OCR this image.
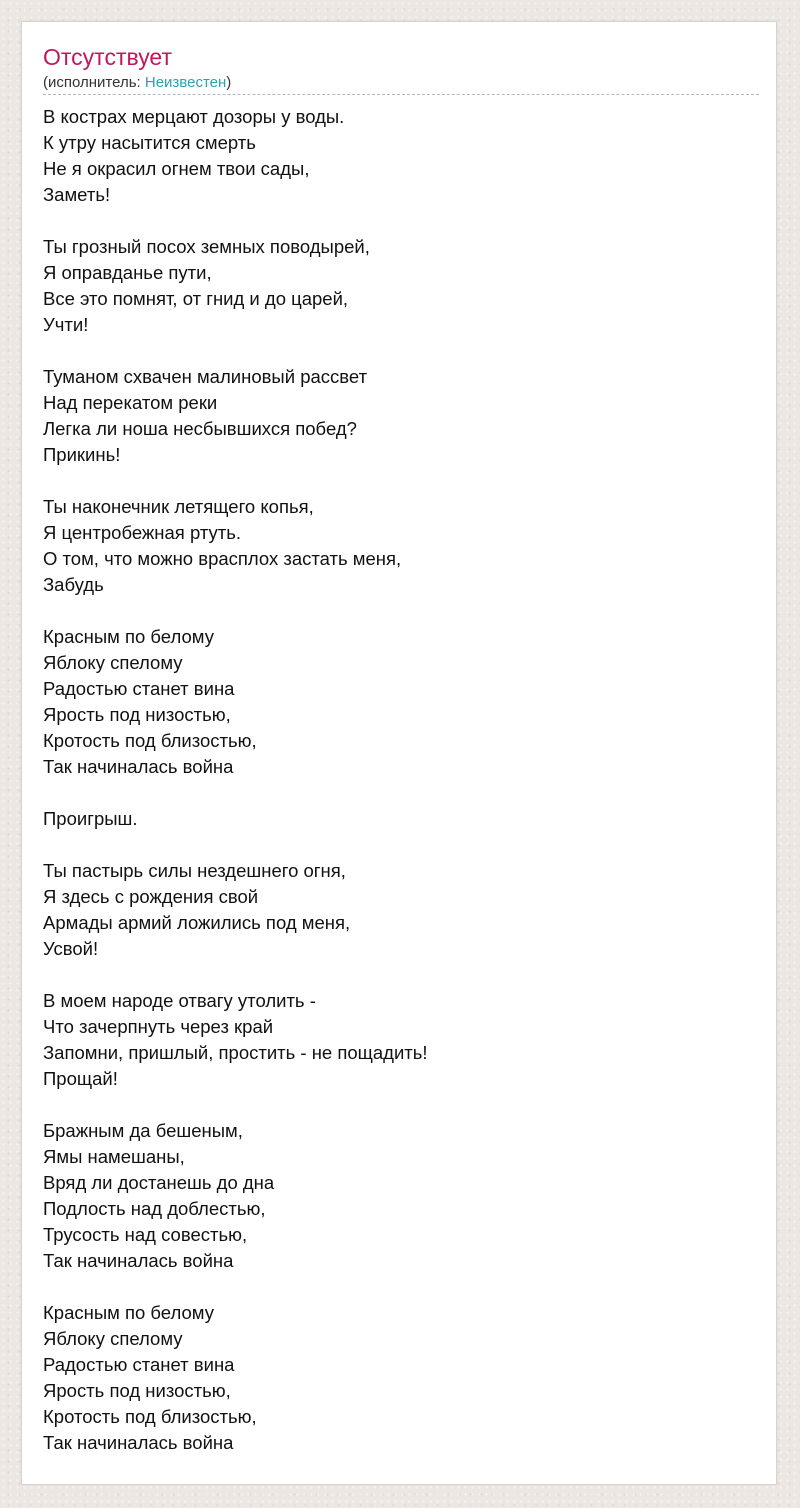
Отсутствует
(исполнитель: Неизвестен)
В кострах мерцают дозоры у воды.
К утру насытится смерть
Не я окрасил огнем твои сады,
Заметь!
Ты грозный посох земных поводырей,
Я оправданье пути,
Все это помнят, от гнид и до царей,
Учти!
Туманом схвачен малиновый рассвет
Над перекатом реки
Легка ли ноша несбывшихся побед?
Прикинь!
Ты наконечник летящего копья,
Я центробежная ртуть.
О том, что можно врасплох застать меня,
Забудь
Красным по белому
Яблоку спелому
Радостью станет вина
Ярость под низостью,
Кротость под близостью,
Так начиналась война
Проигрыш.
Ты пастырь силы нездешнего огня,
Я здесь с рождения свой
Армады армий ложились под меня,
Усвой!
В моем народе отвагу утолить -
Что зачерпнуть через край
Запомни, пришлый, простить - не пощадить!
Прощай!
Бражным да бешеным,
Ямы намешаны,
Вряд ли достанешь до дна
Подлость над доблестью,
Трусость над совестью,
Так начиналась война
Красным по белому
Яблоку спелому
Радостью станет вина
Ярость под низостью,
Кротость под близостью,
Так начиналась война
